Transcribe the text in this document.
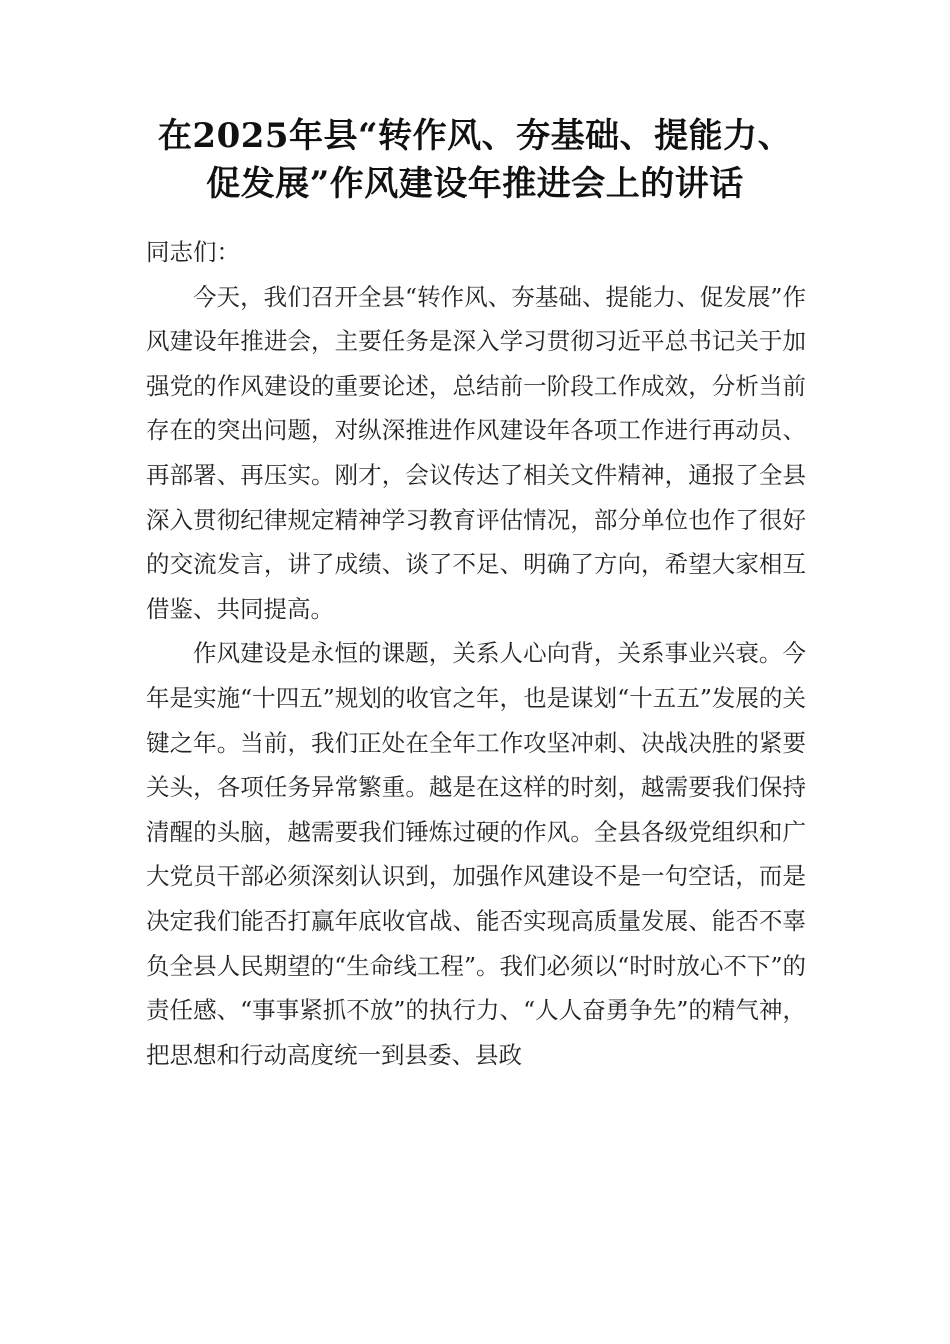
在2025年县“转作风、夯基础、提能力、
促发展”作风建设年推进会上的讲话

同志们：

今天，我们召开全县“转作风、夯基础、提能力、促发展”作风建设年推进会，主要任务是深入学习贯彻习近平总书记关于加强党的作风建设的重要论述，总结前一阶段工作成效，分析当前存在的突出问题，对纵深推进作风建设年各项工作进行再动员、再部署、再压实。刚才，会议传达了相关文件精神，通报了全县深入贯彻纪律规定精神学习教育评估情况，部分单位也作了很好的交流发言，讲了成绩、谈了不足、明确了方向，希望大家相互借鉴、共同提高。

作风建设是永恒的课题，关系人心向背，关系事业兴衰。今年是实施“十四五”规划的收官之年，也是谋划“十五五”发展的关键之年。当前，我们正处在全年工作攻坚冲刺、决战决胜的紧要关头，各项任务异常繁重。越是在这样的时刻，越需要我们保持清醒的头脑，越需要我们锤炼过硬的作风。全县各级党组织和广大党员干部必须深刻认识到，加强作风建设不是一句空话，而是决定我们能否打赢年底收官战、能否实现高质量发展、能否不辜负全县人民期望的“生命线工程”。我们必须以“时时放心不下”的责任感、“事事紧抓不放”的执行力、“人人奋勇争先”的精气神，把思想和行动高度统一到县委、县政
